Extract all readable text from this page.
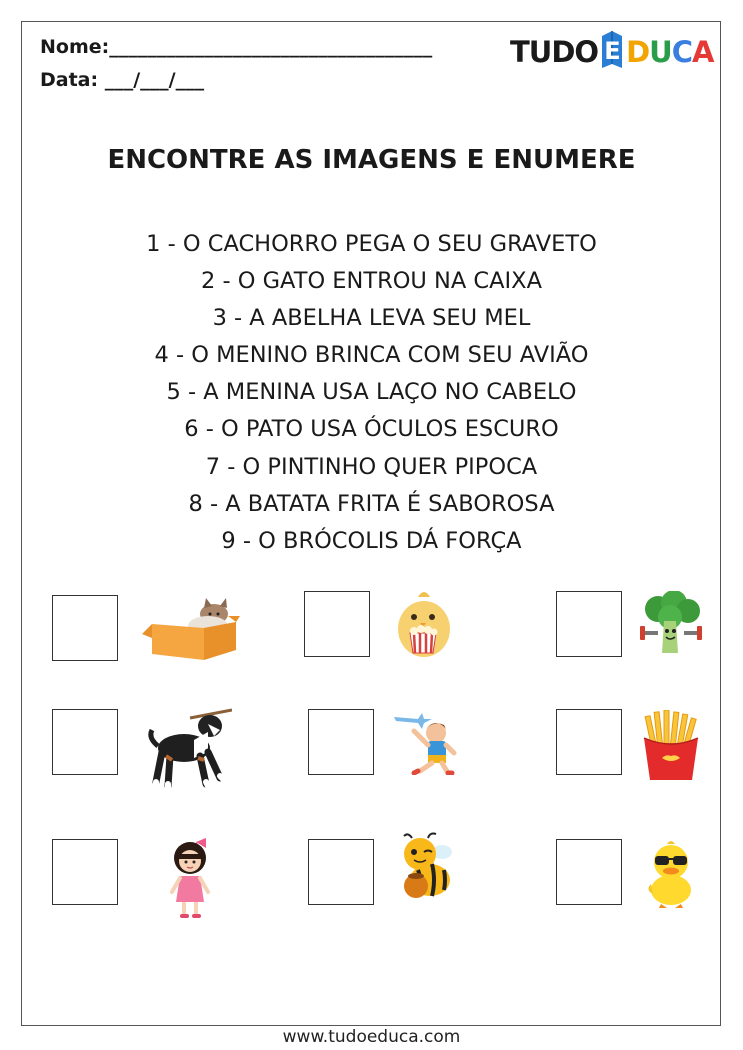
Nome:__________________________________
Data: ___/___/___
TUDO E DUCA
ENCONTRE AS IMAGENS E ENUMERE
1 - O CACHORRO PEGA O SEU GRAVETO
2 - O GATO ENTROU NA CAIXA
3 - A ABELHA LEVA SEU MEL
4 - O MENINO BRINCA COM SEU AVIÃO
5 - A MENINA USA LAÇO NO CABELO
6 - O PATO USA ÓCULOS ESCURO
7 - O PINTINHO QUER PIPOCA
8 - A BATATA FRITA É SABOROSA
9 - O BRÓCOLIS DÁ FORÇA
www.tudoeduca.com
